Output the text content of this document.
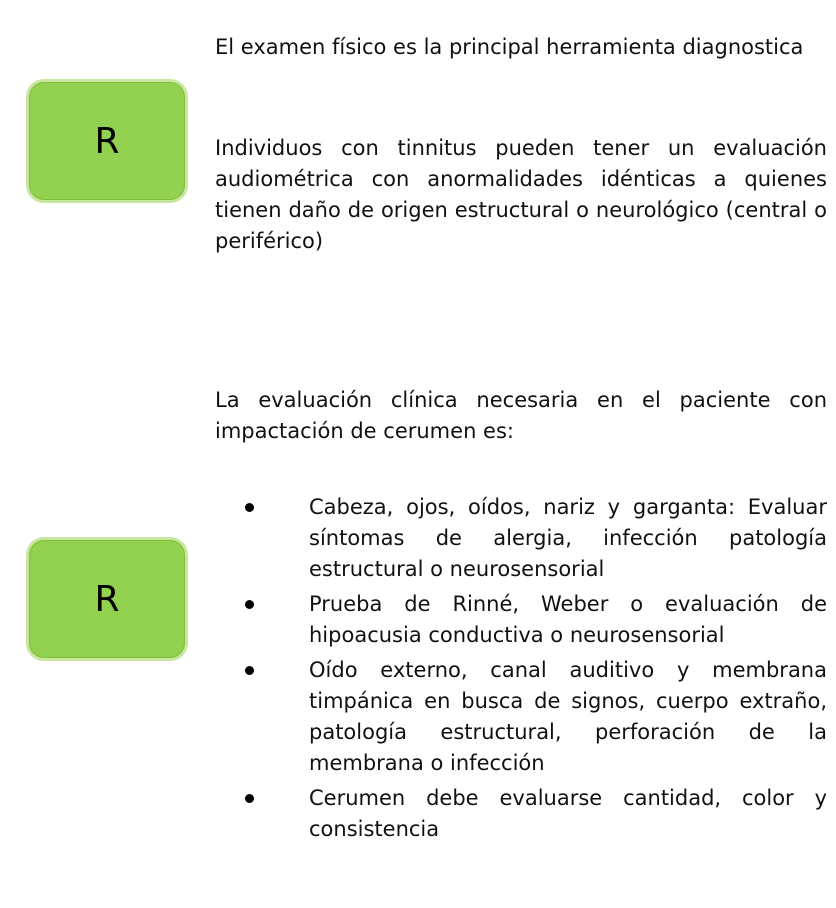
R

El examen físico es la principal herramienta diagnostica

Individuos con tinnitus pueden tener un evaluación audiométrica con anormalidades idénticas a quienes tienen daño de origen estructural o neurológico (central o periférico)

La evaluación clínica necesaria en el paciente con impactación de cerumen es:

R
Cabeza, ojos, oídos, nariz y garganta: Evaluar síntomas de alergia, infección patología estructural o neurosensorial
Prueba de Rinné, Weber o evaluación de hipoacusia conductiva o neurosensorial
Oído externo, canal auditivo y membrana timpánica en busca de signos, cuerpo extraño, patología estructural, perforación de la membrana o infección
Cerumen debe evaluarse cantidad, color y consistencia
